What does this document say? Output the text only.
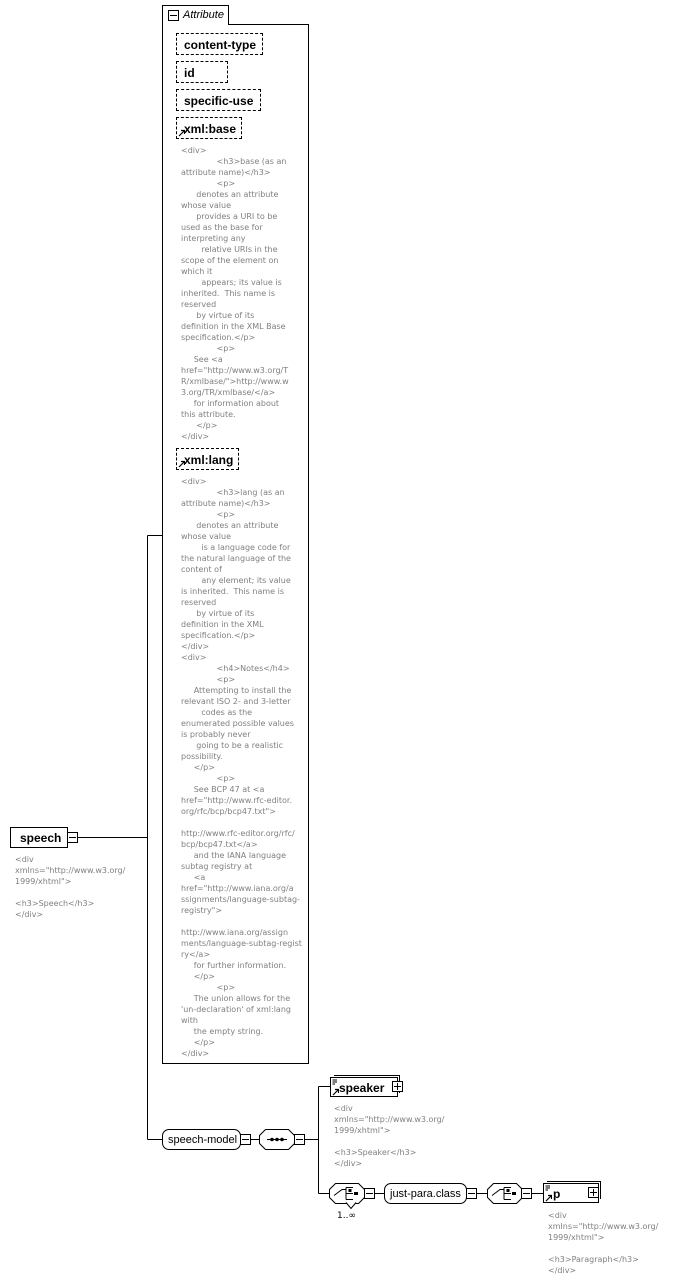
Attribute
content-type
id
specific-use
xml:base
<div>
<h3>base (as an
attribute name)</h3>
<p>
denotes an attribute
whose value
provides a URI to be
used as the base for
interpreting any
relative URIs in the
scope of the element on
which it
appears; its value is
inherited.  This name is
reserved
by virtue of its
definition in the XML Base
specification.</p>
<p>
See <a
href="http://www.w3.org/T
R/xmlbase/">http://www.w
3.org/TR/xmlbase/</a>
for information about
this attribute.
</p>
</div>
xml:lang
<div>
<h3>lang (as an
attribute name)</h3>
<p>
denotes an attribute
whose value
is a language code for
the natural language of the
content of
any element; its value
is inherited.  This name is
reserved
by virtue of its
definition in the XML
specification.</p>
</div>
<div>
<h4>Notes</h4>
<p>
Attempting to install the
relevant ISO 2- and 3-letter
codes as the
enumerated possible values
is probably never
going to be a realistic
possibility.
</p>
<p>
See BCP 47 at <a
href="http://www.rfc-editor.
org/rfc/bcp/bcp47.txt">

http://www.rfc-editor.org/rfc/
bcp/bcp47.txt</a>
and the IANA language
subtag registry at
<a
href="http://www.iana.org/a
ssignments/language-subtag-
registry">

http://www.iana.org/assign
ments/language-subtag-regist
ry</a>
for further information.
</p>
<p>
The union allows for the
'un-declaration' of xml:lang
with
the empty string.
</p>
</div>
speech
<div
xmlns="http://www.w3.org/
1999/xhtml">

<h3>Speech</h3>
</div>
speech-model
speaker
<div
xmlns="http://www.w3.org/
1999/xhtml">

<h3>Speaker</h3>
</div>
1..∞
just-para.class	p
<div
xmlns="http://www.w3.org/
1999/xhtml">

<h3>Paragraph</h3>
</div>
